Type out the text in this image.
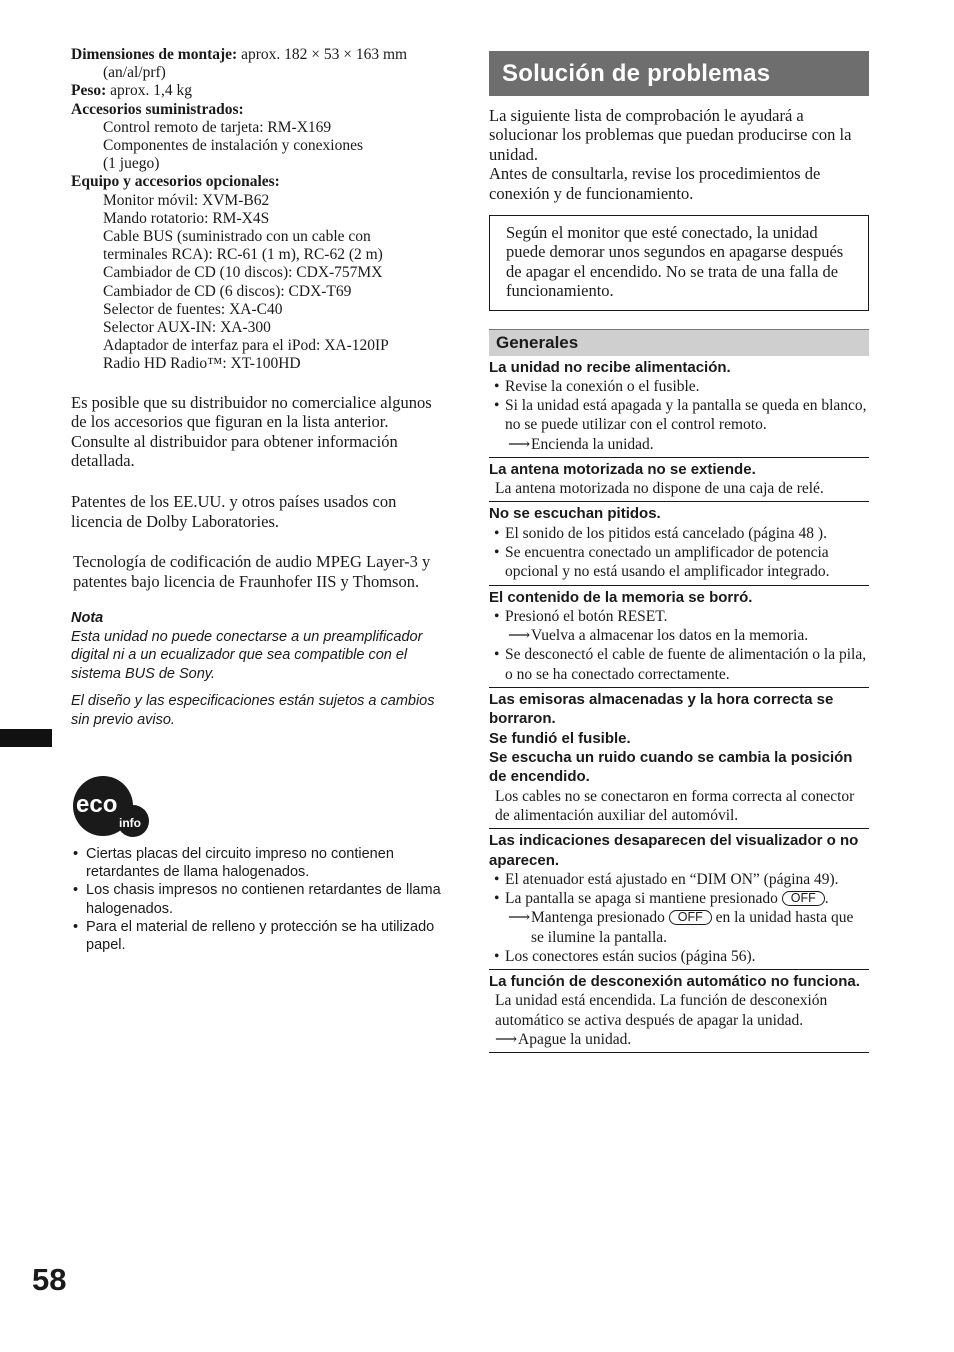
Dimensiones de montaje: aprox. 182 × 53 × 163 mm
(an/al/prf)
Peso: aprox. 1,4 kg
Accesorios suministrados:
Control remoto de tarjeta: RM-X169
Componentes de instalación y conexiones
(1 juego)
Equipo y accesorios opcionales:
Monitor móvil: XVM-B62
Mando rotatorio: RM-X4S
Cable BUS (suministrado con un cable con
terminales RCA): RC-61 (1 m), RC-62 (2 m)
Cambiador de CD (10 discos): CDX-757MX
Cambiador de CD (6 discos): CDX-T69
Selector de fuentes: XA-C40
Selector AUX-IN: XA-300
Adaptador de interfaz para el iPod: XA-120IP
Radio HD Radio™: XT-100HD

Es posible que su distribuidor no comercialice algunos de los accesorios que figuran en la lista anterior. Consulte al distribuidor para obtener información detallada.

Patentes de los EE.UU. y otros países usados con licencia de Dolby Laboratories.

Tecnología de codificación de audio MPEG Layer-3 y patentes bajo licencia de Fraunhofer IIS y Thomson.

Nota
Esta unidad no puede conectarse a un preamplificador digital ni a un ecualizador que sea compatible con el sistema BUS de Sony.
El diseño y las especificaciones están sujetos a cambios sin previo aviso.
eco
info
• Ciertas placas del circuito impreso no contienen retardantes de llama halogenados.
• Los chasis impresos no contienen retardantes de llama halogenados.
• Para el material de relleno y protección se ha utilizado papel.
58
Solución de problemas
La siguiente lista de comprobación le ayudará a solucionar los problemas que puedan producirse con la unidad.
Antes de consultarla, revise los procedimientos de conexión y de funcionamiento.
Según el monitor que esté conectado, la unidad puede demorar unos segundos en apagarse después de apagar el encendido. No se trata de una falla de funcionamiento.
Generales
La unidad no recibe alimentación.
• Revise la conexión o el fusible.
• Si la unidad está apagada y la pantalla se queda en blanco, no se puede utilizar con el control remoto.
⟶ Encienda la unidad.
La antena motorizada no se extiende.
La antena motorizada no dispone de una caja de relé.
No se escuchan pitidos.
• El sonido de los pitidos está cancelado (página 48 ).
• Se encuentra conectado un amplificador de potencia opcional y no está usando el amplificador integrado.
El contenido de la memoria se borró.
• Presionó el botón RESET.
⟶ Vuelva a almacenar los datos en la memoria.
• Se desconectó el cable de fuente de alimentación o la pila, o no se ha conectado correctamente.
Las emisoras almacenadas y la hora correcta se borraron.
Se fundió el fusible.
Se escucha un ruido cuando se cambia la posición de encendido.
Los cables no se conectaron en forma correcta al conector de alimentación auxiliar del automóvil.
Las indicaciones desaparecen del visualizador o no aparecen.
• El atenuador está ajustado en “DIM ON” (página 49).
• La pantalla se apaga si mantiene presionado OFF .
⟶ Mantenga presionado OFF en la unidad hasta que se ilumine la pantalla.
• Los conectores están sucios (página 56).
La función de desconexión automático no funciona.
La unidad está encendida. La función de desconexión automático se activa después de apagar la unidad.
⟶ Apague la unidad.
